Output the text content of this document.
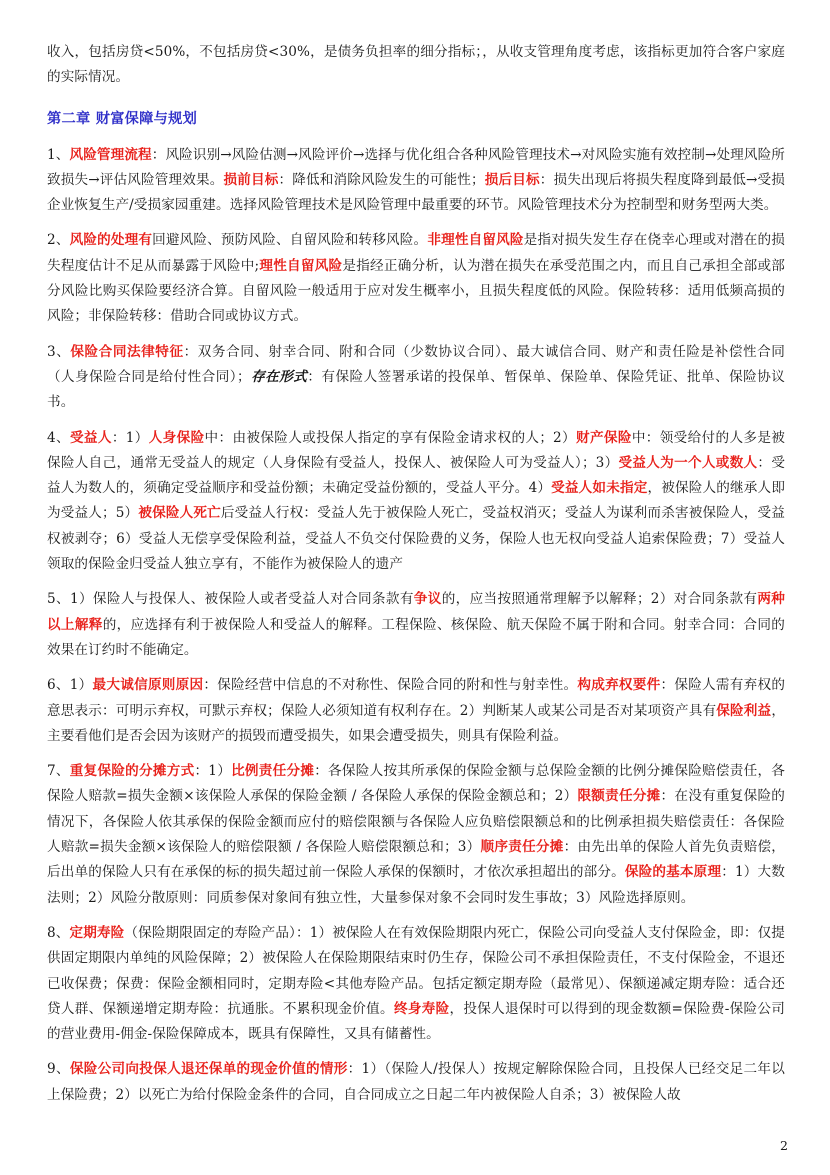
收入，包括房贷<50%，不包括房贷<30%，是债务负担率的细分指标；，从收支管理角度考虑，该指标更加符合客户家庭的实际情况。

第二章 财富保障与规划

1、风险管理流程：风险识别→风险估测→风险评价→选择与优化组合各种风险管理技术→对风险实施有效控制→处理风险所致损失→评估风险管理效果。损前目标：降低和消除风险发生的可能性；损后目标：损失出现后将损失程度降到最低→受损企业恢复生产/受损家园重建。选择风险管理技术是风险管理中最重要的环节。风险管理技术分为控制型和财务型两大类。

2、风险的处理有回避风险、预防风险、自留风险和转移风险。非理性自留风险是指对损失发生存在侥幸心理或对潜在的损失程度估计不足从而暴露于风险中;理性自留风险是指经正确分析，认为潜在损失在承受范围之内，而且自己承担全部或部分风险比购买保险要经济合算。自留风险一般适用于应对发生概率小，且损失程度低的风险。保险转移：适用低频高损的风险；非保险转移：借助合同或协议方式。

3、保险合同法律特征：双务合同、射幸合同、附和合同（少数协议合同）、最大诚信合同、财产和责任险是补偿性合同（人身保险合同是给付性合同）；存在形式：有保险人签署承诺的投保单、暂保单、保险单、保险凭证、批单、保险协议书。

4、受益人：1）人身保险中：由被保险人或投保人指定的享有保险金请求权的人；2）财产保险中：领受给付的人多是被保险人自己，通常无受益人的规定（人身保险有受益人，投保人、被保险人可为受益人）；3）受益人为一个人或数人：受益人为数人的，须确定受益顺序和受益份额；未确定受益份额的，受益人平分。4）受益人如未指定，被保险人的继承人即为受益人；5）被保险人死亡后受益人行权：受益人先于被保险人死亡，受益权消灭；受益人为谋利而杀害被保险人，受益权被剥夺；6）受益人无偿享受保险利益，受益人不负交付保险费的义务，保险人也无权向受益人追索保险费；7）受益人领取的保险金归受益人独立享有，不能作为被保险人的遗产

5、1）保险人与投保人、被保险人或者受益人对合同条款有争议的，应当按照通常理解予以解释；2）对合同条款有两种以上解释的，应选择有利于被保险人和受益人的解释。工程保险、核保险、航天保险不属于附和合同。射幸合同：合同的效果在订约时不能确定。

6、1）最大诚信原则原因：保险经营中信息的不对称性、保险合同的附和性与射幸性。构成弃权要件：保险人需有弃权的意思表示：可明示弃权，可默示弃权；保险人必须知道有权利存在。2）判断某人或某公司是否对某项资产具有保险利益，主要看他们是否会因为该财产的损毁而遭受损失，如果会遭受损失，则具有保险利益。

7、重复保险的分摊方式：1）比例责任分摊：各保险人按其所承保的保险金额与总保险金额的比例分摊保险赔偿责任，各保险人赔款=损失金额×该保险人承保的保险金额 / 各保险人承保的保险金额总和；2）限额责任分摊：在没有重复保险的情况下，各保险人依其承保的保险金额而应付的赔偿限额与各保险人应负赔偿限额总和的比例承担损失赔偿责任：各保险人赔款=损失金额×该保险人的赔偿限额 / 各保险人赔偿限额总和；3）顺序责任分摊：由先出单的保险人首先负责赔偿，后出单的保险人只有在承保的标的损失超过前一保险人承保的保额时，才依次承担超出的部分。保险的基本原理：1）大数法则；2）风险分散原则：同质参保对象间有独立性，大量参保对象不会同时发生事故；3）风险选择原则。

8、定期寿险（保险期限固定的寿险产品）：1）被保险人在有效保险期限内死亡，保险公司向受益人支付保险金，即：仅提供固定期限内单纯的风险保障；2）被保险人在保险期限结束时仍生存，保险公司不承担保险责任，不支付保险金，不退还已收保费；保费：保险金额相同时，定期寿险<其他寿险产品。包括定额定期寿险（最常见）、保额递减定期寿险：适合还贷人群、保额递增定期寿险：抗通胀。不累积现金价值。终身寿险，投保人退保时可以得到的现金数额=保险费-保险公司的营业费用-佣金-保险保障成本，既具有保障性，又具有储蓄性。

9、保险公司向投保人退还保单的现金价值的情形：1）（保险人/投保人）按规定解除保险合同，且投保人已经交足二年以上保险费；2）以死亡为给付保险金条件的合同，自合同成立之日起二年内被保险人自杀；3）被保险人故

2
